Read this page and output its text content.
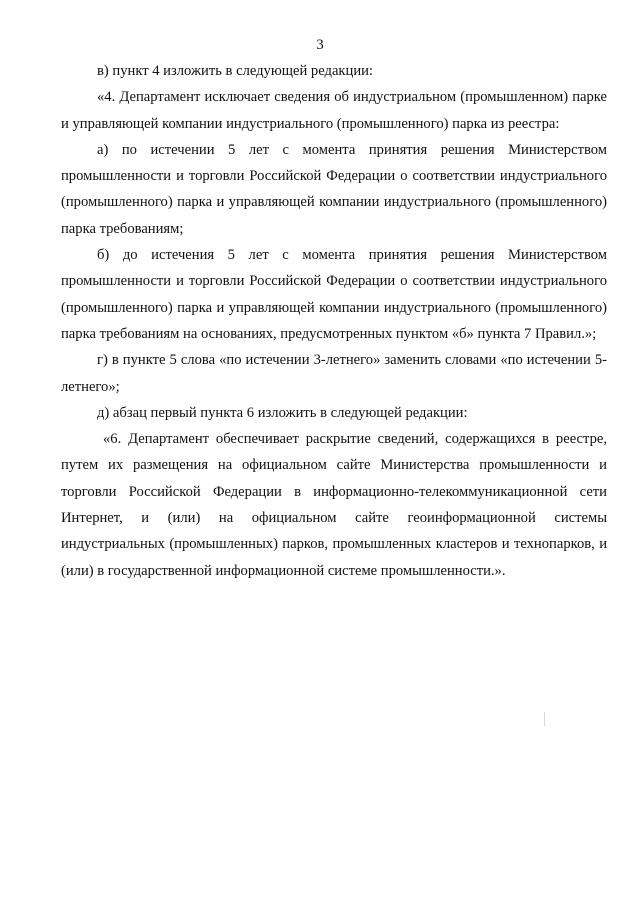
3

в) пункт 4 изложить в следующей редакции:

«4. Департамент исключает сведения об индустриальном (промышленном) парке и управляющей компании индустриального (промышленного) парка из реестра:

а) по истечении 5 лет с момента принятия решения Министерством промышленности и торговли Российской Федерации о соответствии индустриального (промышленного) парка и управляющей компании индустриального (промышленного) парка требованиям;

б) до истечения 5 лет с момента принятия решения Министерством промышленности и торговли Российской Федерации о соответствии индустриального (промышленного) парка и управляющей компании индустриального (промышленного) парка требованиям на основаниях, предусмотренных пунктом «б» пункта 7 Правил.»;

г) в пункте 5 слова «по истечении 3-летнего» заменить словами «по истечении 5-летнего»;

д) абзац первый пункта 6 изложить в следующей редакции:

«6. Департамент обеспечивает раскрытие сведений, содержащихся в реестре, путем их размещения на официальном сайте Министерства промышленности и торговли Российской Федерации в информационно-телекоммуникационной сети Интернет, и (или) на официальном сайте геоинформационной системы индустриальных (промышленных) парков, промышленных кластеров и технопарков, и (или) в государственной информационной системе промышленности.».
